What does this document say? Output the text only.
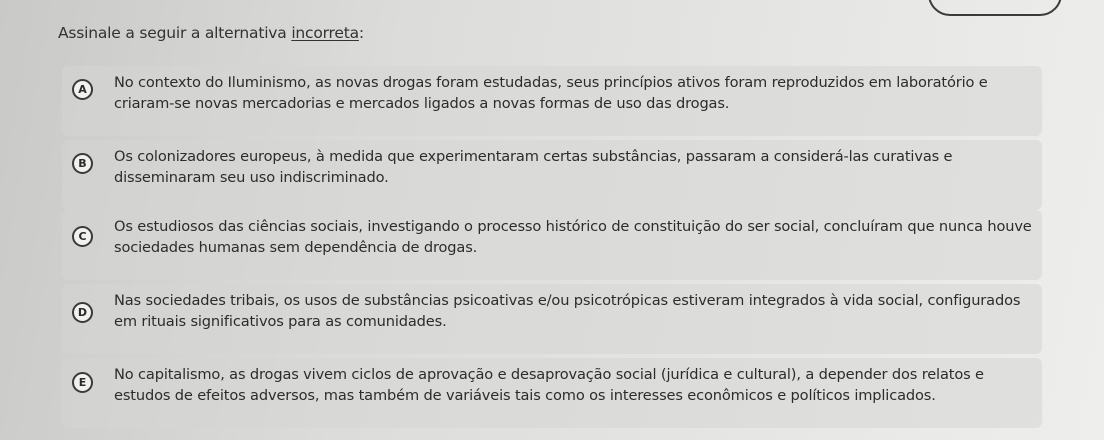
Assinale a seguir a alternativa incorreta:
A	No contexto do Iluminismo, as novas drogas foram estudadas, seus princípios ativos foram reproduzidos em laboratório e criaram-se novas mercadorias e mercados ligados a novas formas de uso das drogas.
B	Os colonizadores europeus, à medida que experimentaram certas substâncias, passaram a considerá-las curativas e disseminaram seu uso indiscriminado.
C
Os estudiosos das ciências sociais, investigando o processo histórico de constituição do ser social, concluíram que nunca houve sociedades humanas sem dependência de drogas.
D
Nas sociedades tribais, os usos de substâncias psicoativas e/ou psicotrópicas estiveram integrados à vida social, configurados em rituais significativos para as comunidades.
E	No capitalismo, as drogas vivem ciclos de aprovação e desaprovação social (jurídica e cultural), a depender dos relatos e estudos de efeitos adversos, mas também de variáveis tais como os interesses econômicos e políticos implicados.
